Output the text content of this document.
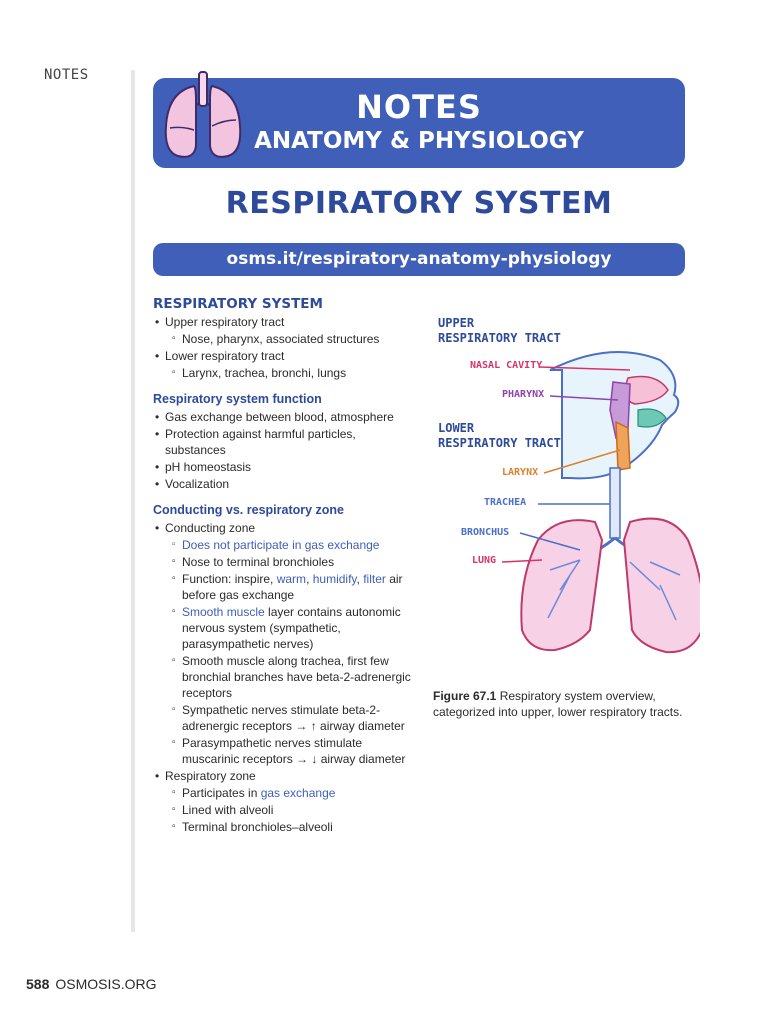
NOTES
NOTES
ANATOMY & PHYSIOLOGY
RESPIRATORY SYSTEM
osms.it/respiratory-anatomy-physiology
RESPIRATORY SYSTEM
• Upper respiratory tract
▫ Nose, pharynx, associated structures
• Lower respiratory tract
▫ Larynx, trachea, bronchi, lungs
Respiratory system function
• Gas exchange between blood, atmosphere
• Protection against harmful particles, substances
• pH homeostasis
• Vocalization
Conducting vs. respiratory zone
• Conducting zone
▫ Does not participate in gas exchange
▫ Nose to terminal bronchioles
▫ Function: inspire, warm, humidify, filter air before gas exchange
▫ Smooth muscle layer contains autonomic nervous system (sympathetic, parasympathetic nerves)
▫ Smooth muscle along trachea, first few bronchial branches have beta-2-adrenergic receptors
▫ Sympathetic nerves stimulate beta-2-adrenergic receptors → ↑ airway diameter
▫ Parasympathetic nerves stimulate muscarinic receptors → ↓ airway diameter
• Respiratory zone
▫ Participates in gas exchange
▫ Lined with alveoli
▫ Terminal bronchioles–alveoli
UPPER
RESPIRATORY TRACT
LOWER
RESPIRATORY TRACT
NASAL CAVITY
PHARYNX
LARYNX
TRACHEA
BRONCHUS
LUNG
Figure 67.1 Respiratory system overview, categorized into upper, lower respiratory tracts.
588 OSMOSIS.ORG
